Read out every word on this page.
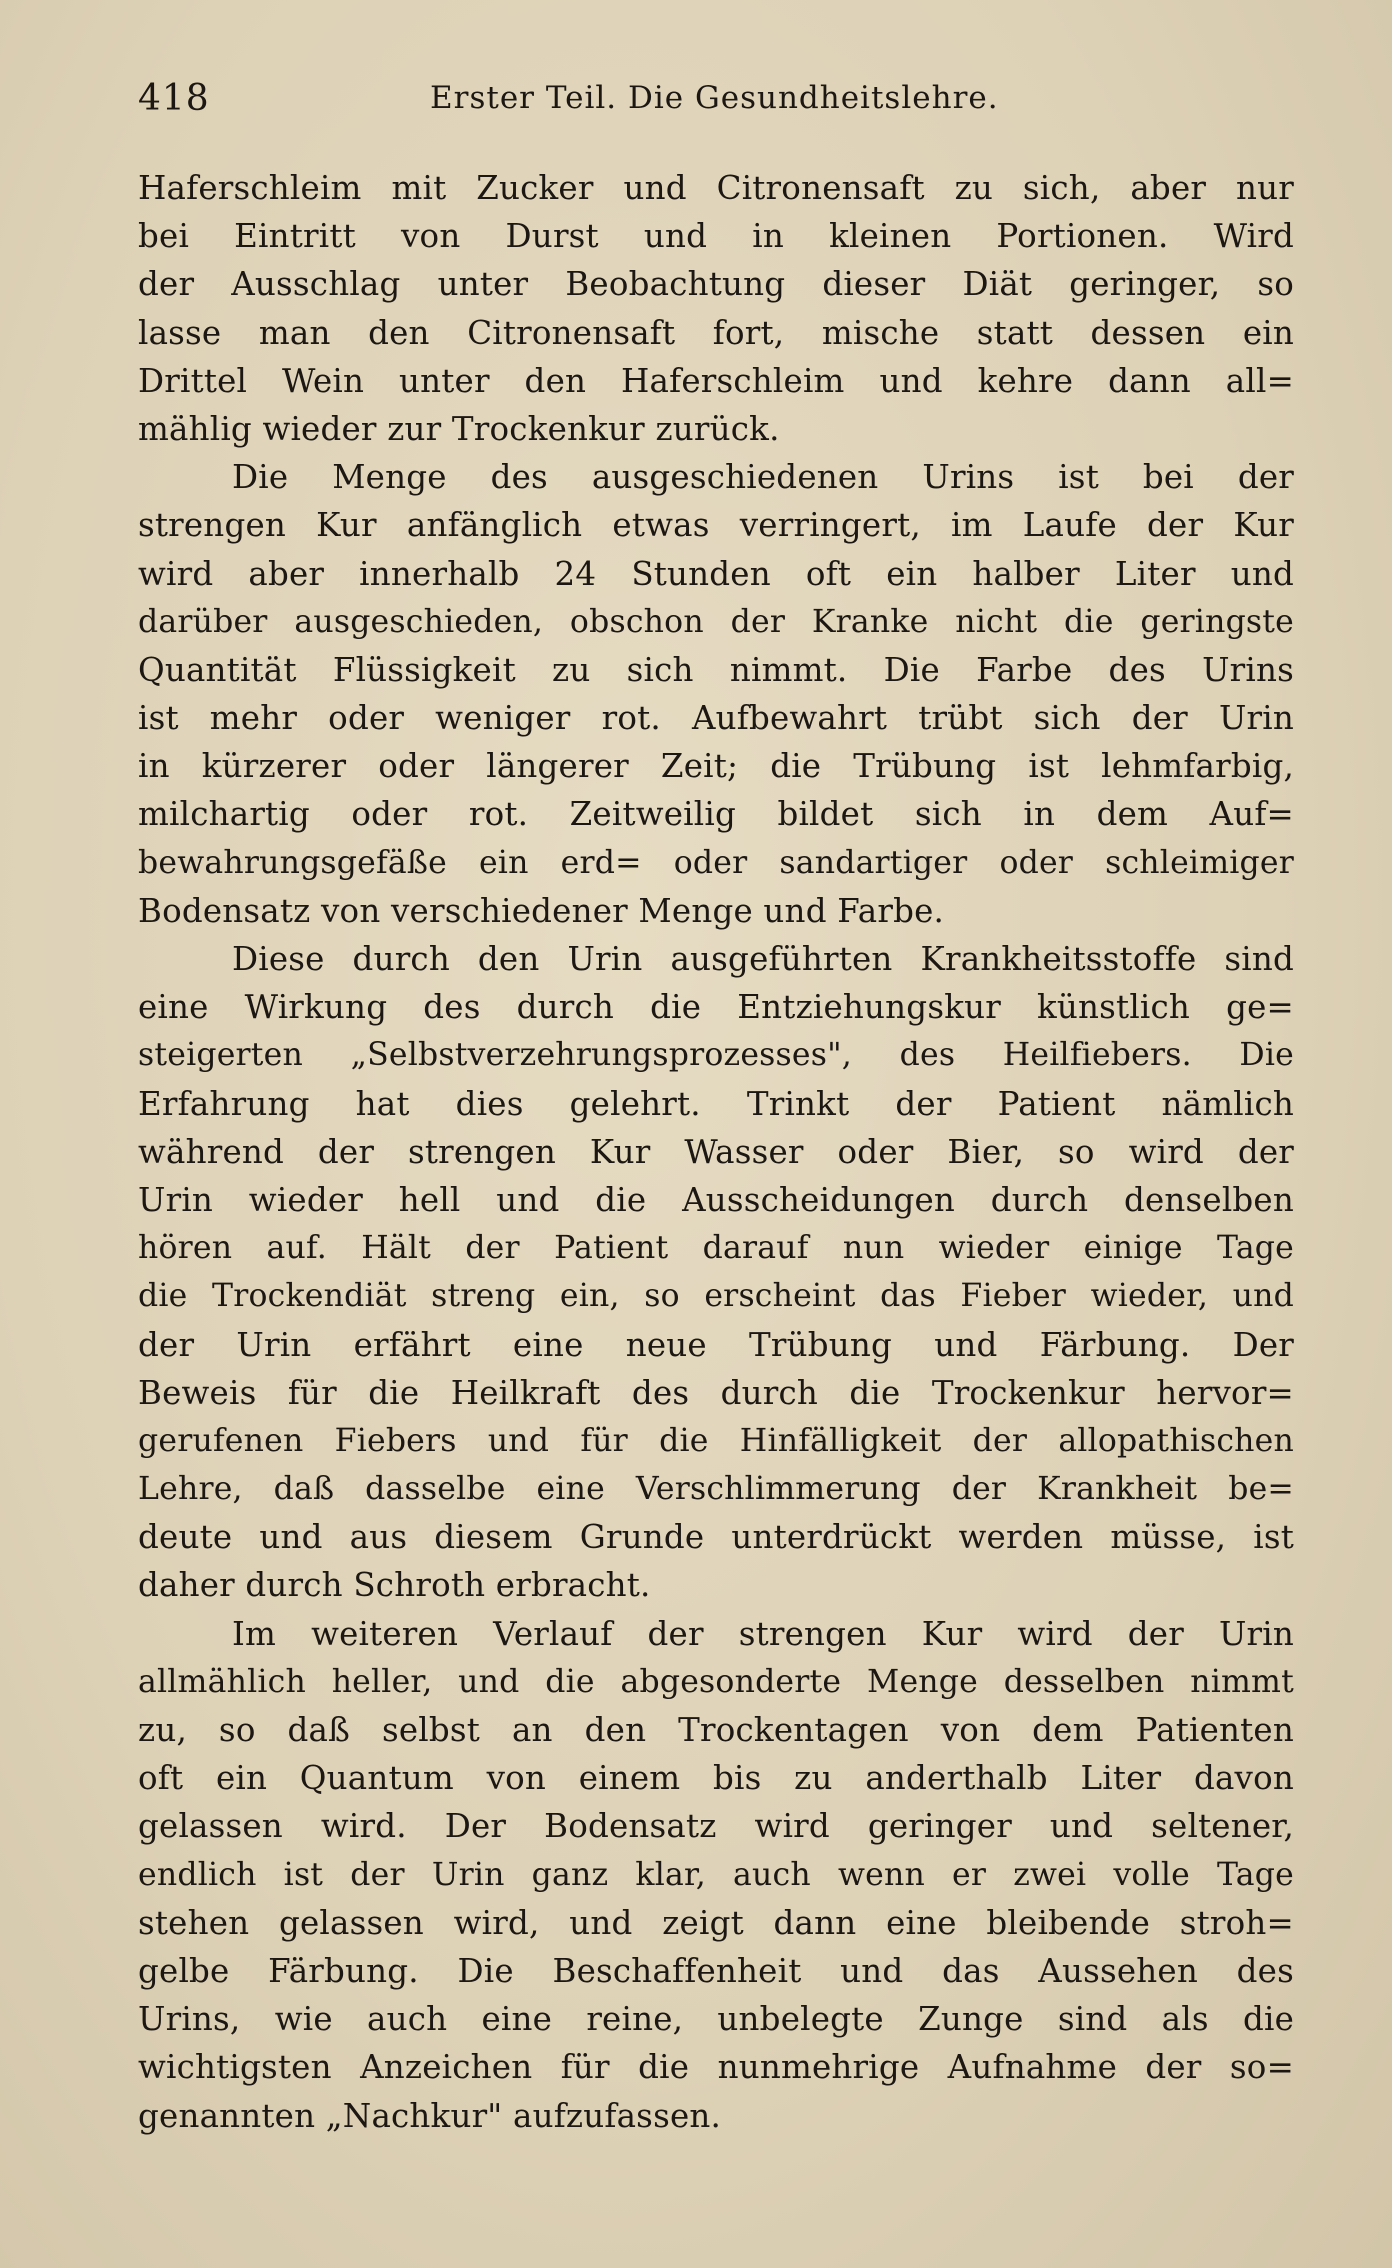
418	Erster Teil. Die Gesundheitslehre.
Haferschleim mit Zucker und Citronensaft zu sich, aber nur
bei Eintritt von Durst und in kleinen Portionen. Wird
der Ausschlag unter Beobachtung dieser Diät geringer, so
lasse man den Citronensaft fort, mische statt dessen ein
Drittel Wein unter den Haferschleim und kehre dann all=
mählig wieder zur Trockenkur zurück.
Die Menge des ausgeschiedenen Urins ist bei der
strengen Kur anfänglich etwas verringert, im Laufe der Kur
wird aber innerhalb 24 Stunden oft ein halber Liter und
darüber ausgeschieden, obschon der Kranke nicht die geringste
Quantität Flüssigkeit zu sich nimmt. Die Farbe des Urins
ist mehr oder weniger rot. Aufbewahrt trübt sich der Urin
in kürzerer oder längerer Zeit; die Trübung ist lehmfarbig,
milchartig oder rot. Zeitweilig bildet sich in dem Auf=
bewahrungsgefäße ein erd= oder sandartiger oder schleimiger
Bodensatz von verschiedener Menge und Farbe.
Diese durch den Urin ausgeführten Krankheitsstoffe sind
eine Wirkung des durch die Entziehungskur künstlich ge=
steigerten „Selbstverzehrungsprozesses", des Heilfiebers. Die
Erfahrung hat dies gelehrt. Trinkt der Patient nämlich
während der strengen Kur Wasser oder Bier, so wird der
Urin wieder hell und die Ausscheidungen durch denselben
hören auf. Hält der Patient darauf nun wieder einige Tage
die Trockendiät streng ein, so erscheint das Fieber wieder, und
der Urin erfährt eine neue Trübung und Färbung. Der
Beweis für die Heilkraft des durch die Trockenkur hervor=
gerufenen Fiebers und für die Hinfälligkeit der allopathischen
Lehre, daß dasselbe eine Verschlimmerung der Krankheit be=
deute und aus diesem Grunde unterdrückt werden müsse, ist
daher durch Schroth erbracht.
Im weiteren Verlauf der strengen Kur wird der Urin
allmählich heller, und die abgesonderte Menge desselben nimmt
zu, so daß selbst an den Trockentagen von dem Patienten
oft ein Quantum von einem bis zu anderthalb Liter davon
gelassen wird. Der Bodensatz wird geringer und seltener,
endlich ist der Urin ganz klar, auch wenn er zwei volle Tage
stehen gelassen wird, und zeigt dann eine bleibende stroh=
gelbe Färbung. Die Beschaffenheit und das Aussehen des
Urins, wie auch eine reine, unbelegte Zunge sind als die
wichtigsten Anzeichen für die nunmehrige Aufnahme der so=
genannten „Nachkur" aufzufassen.
